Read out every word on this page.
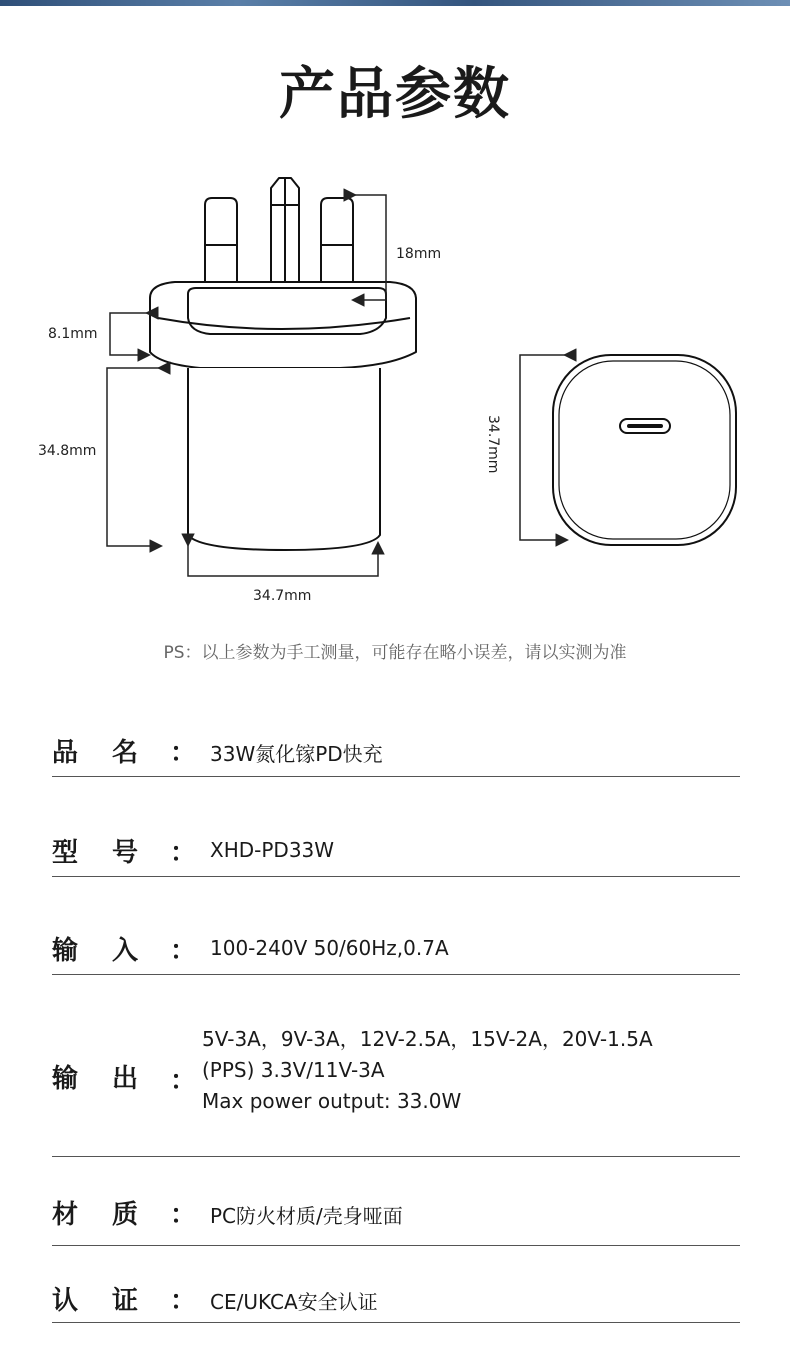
产品参数
18mm
8.1mm
34.8mm
34.7mm
34.7mm
PS：以上参数为手工测量，可能存在略小误差，请以实测为准
品名
： 33W氮化镓PD快充
型号
： XHD-PD33W
输入
： 100-240V 50/60Hz,0.7A
输出
：
5V-3A，9V-3A，12V-2.5A，15V-2A，20V-1.5A
(PPS) 3.3V/11V-3A
Max power output: 33.0W
材质
： PC防火材质/壳身哑面
认证
： CE/UKCA安全认证
